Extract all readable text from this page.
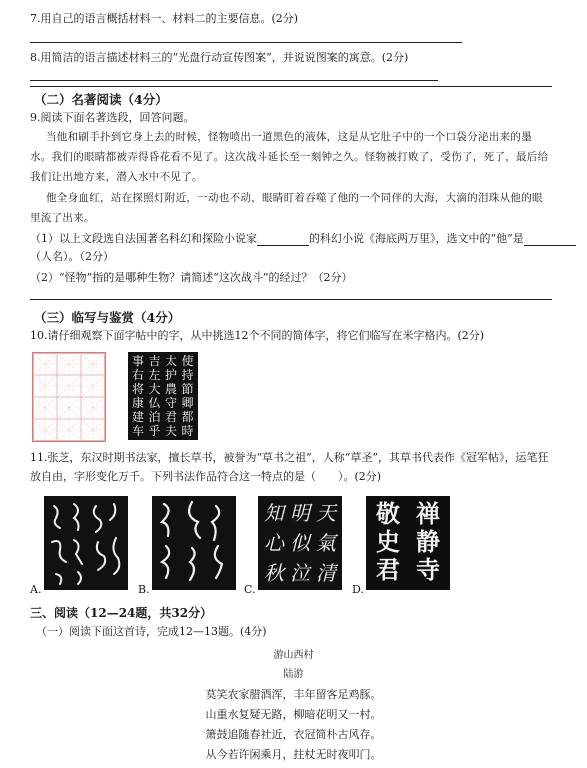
7.用自己的语言概括材料一、材料二的主要信息。(2分)
8.用简洁的语言描述材料三的“光盘行动宣传图案”，并说说图案的寓意。(2分)
（二）名著阅读（4分）
9.阅读下面名著选段，回答问题。
当他和刷手扑到它身上去的时候，怪物喷出一道黑色的液体，这是从它肚子中的一个口袋分泌出来的墨
水。我们的眼睛都被弄得昏花看不见了。这次战斗延长至一刻钟之久。怪物被打败了，受伤了，死了，最后给
我们让出地方来，潜入水中不见了。
他全身血红，站在探照灯附近，一动也不动，眼睛盯着吞噬了他的一个同伴的大海，大滴的泪珠从他的眼
里流了出来。
（1）以上文段选自法国著名科幻和探险小说家	的科幻小说《海底两万里》，选文中的“他”是
（人名）。（2分）
（2）“怪物”指的是哪种生物？请简述“这次战斗”的经过？（2分）
（三）临写与鉴赏（4分）
10.请仔细观察下面字帖中的字，从中挑选12个不同的简体字，将它们临写在米字格内。(2分)
使
持
節
卿
都
時
太
护
農
守
君
夫
吉
左
大
仏
泊
乎
事
右
将
康
建
车
11.张芝，东汉时期书法家，擅长草书，被誉为“草书之祖”，人称“草圣”，其草书代表作《冠军帖》，运笔狂
放自由，字形变化万千。下列书法作品符合这一特点的是（　　）。(2分)
A.	B.
天
氣
清
明
似
泣
知
心
秋
C.
禅
敬
静
史
君 寺
D.
三、阅读（12—24题，共32分）
（一）阅读下面这首诗，完成12—13题。(4分)
游山西村
陆游
莫笑农家腊酒浑，丰年留客足鸡豚。
山重水复疑无路，柳暗花明又一村。
箫鼓追随春社近，衣冠简朴古风存。
从今若许闲乘月，拄杖无时夜叩门。
